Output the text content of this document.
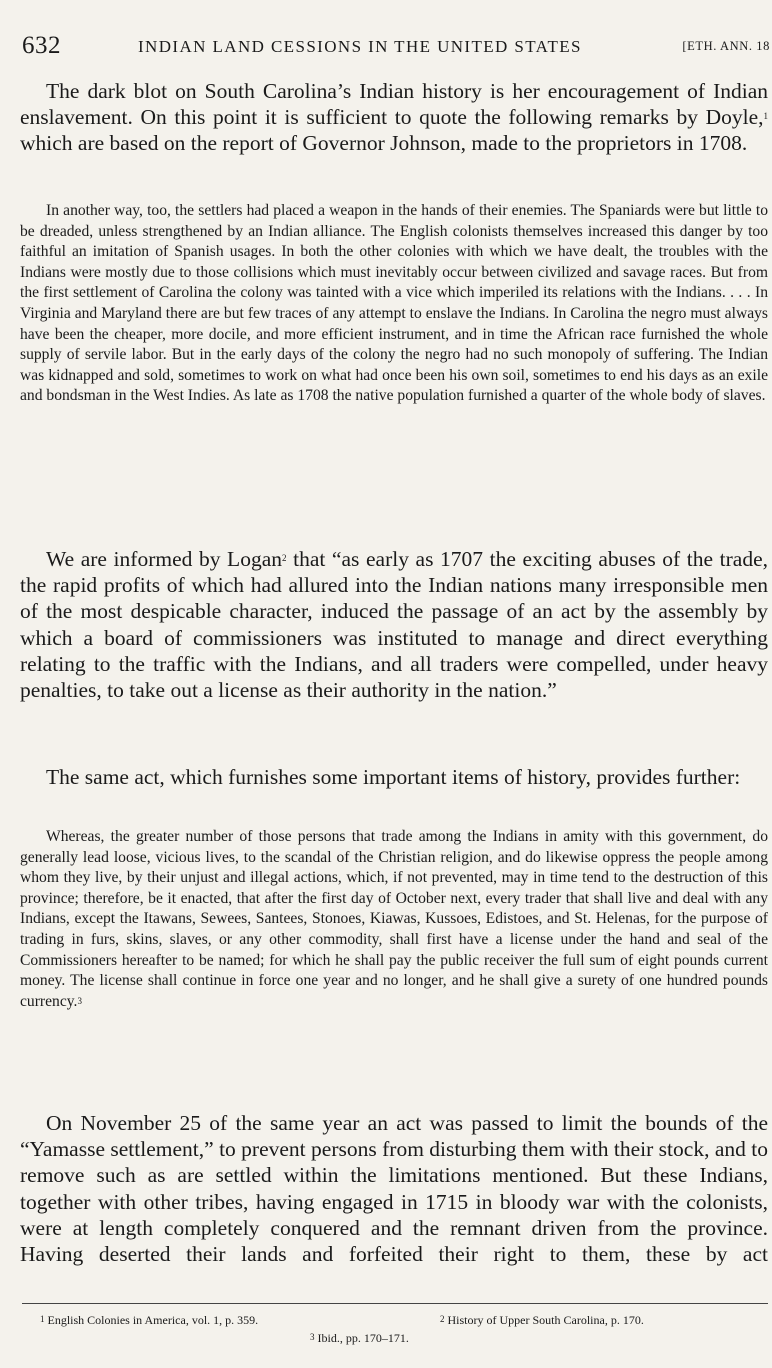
632	INDIAN LAND CESSIONS IN THE UNITED STATES	[ETH. ANN. 18

The dark blot on South Carolina’s Indian history is her encouragement of Indian enslavement. On this point it is sufficient to quote the following remarks by Doyle,$^1$ which are based on the report of Governor Johnson, made to the proprietors in 1708.

In another way, too, the settlers had placed a weapon in the hands of their enemies. The Spaniards were but little to be dreaded, unless strengthened by an Indian alliance. The English colonists themselves increased this danger by too faithful an imitation of Spanish usages. In both the other colonies with which we have dealt, the troubles with the Indians were mostly due to those collisions which must inevitably occur between civilized and savage races. But from the first settlement of Carolina the colony was tainted with a vice which imperiled its relations with the Indians. . . . In Virginia and Maryland there are but few traces of any attempt to enslave the Indians. In Carolina the negro must always have been the cheaper, more docile, and more efficient instrument, and in time the African race furnished the whole supply of servile labor. But in the early days of the colony the negro had no such monopoly of suffering. The Indian was kidnapped and sold, sometimes to work on what had once been his own soil, sometimes to end his days as an exile and bondsman in the West Indies. As late as 1708 the native population furnished a quarter of the whole body of slaves.

We are informed by Logan$^2$ that “as early as 1707 the exciting abuses of the trade, the rapid profits of which had allured into the Indian nations many irresponsible men of the most despicable character, induced the passage of an act by the assembly by which a board of commissioners was instituted to manage and direct everything relating to the traffic with the Indians, and all traders were compelled, under heavy penalties, to take out a license as their authority in the nation.”

The same act, which furnishes some important items of history, provides further:

Whereas, the greater number of those persons that trade among the Indians in amity with this government, do generally lead loose, vicious lives, to the scandal of the Christian religion, and do likewise oppress the people among whom they live, by their unjust and illegal actions, which, if not prevented, may in time tend to the destruction of this province; therefore, be it enacted, that after the first day of October next, every trader that shall live and deal with any Indians, except the Itawans, Sewees, Santees, Stonoes, Kiawas, Kussoes, Edistoes, and St. Helenas, for the purpose of trading in furs, skins, slaves, or any other commodity, shall first have a license under the hand and seal of the Commissioners hereafter to be named; for which he shall pay the public receiver the full sum of eight pounds current money. The license shall continue in force one year and no longer, and he shall give a surety of one hundred pounds currency.$^3$

On November 25 of the same year an act was passed to limit the bounds of the “Yamasse settlement,” to prevent persons from disturbing them with their stock, and to remove such as are settled within the limitations mentioned. But these Indians, together with other tribes, having engaged in 1715 in bloody war with the colonists, were at length completely conquered and the remnant driven from the province. Having deserted their lands and forfeited their right to them, these by act

$^1$ English Colonies in America, vol. 1, p. 359.	$^2$ History of Upper South Carolina, p. 170.
$^3$ Ibid., pp. 170–171.
